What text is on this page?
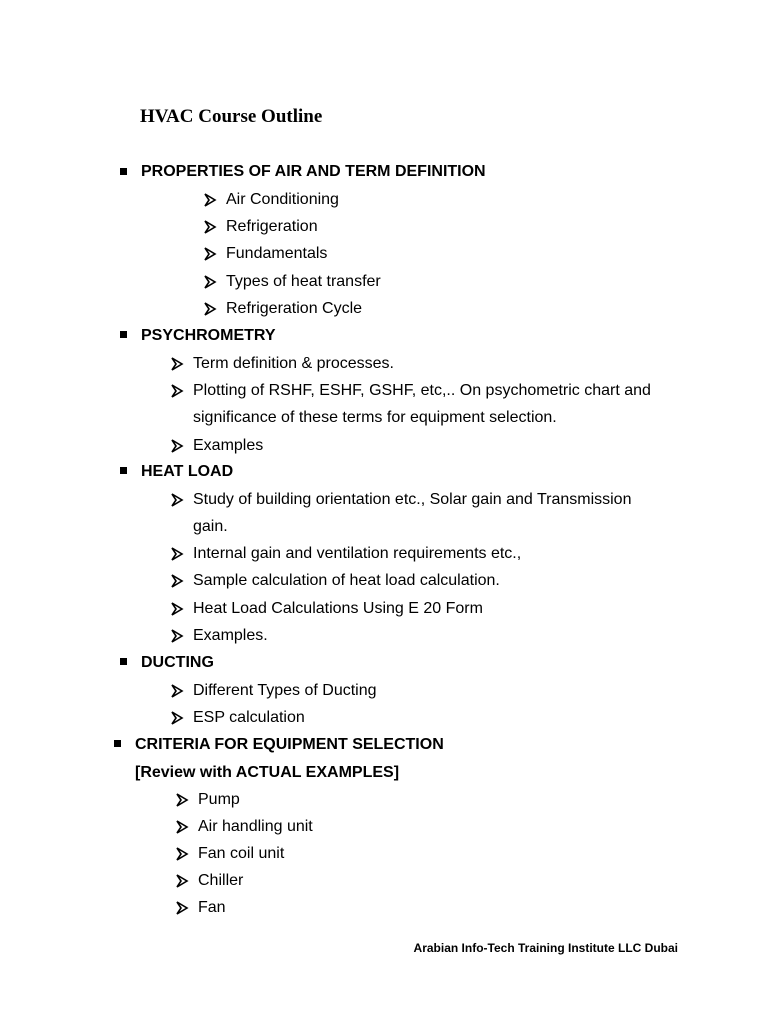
HVAC Course Outline
PROPERTIES OF AIR AND TERM DEFINITION
Air Conditioning
Refrigeration
Fundamentals
Types of heat transfer
Refrigeration Cycle
PSYCHROMETRY
Term definition & processes.
Plotting of RSHF, ESHF, GSHF, etc,.. On psychometric chart and
significance of these terms for equipment selection.
Examples
HEAT LOAD
Study of building orientation etc., Solar gain and Transmission
gain.
Internal gain and ventilation requirements etc.,
Sample calculation of heat load calculation.
Heat Load Calculations Using E 20 Form
Examples.
DUCTING
Different Types of Ducting
ESP calculation
CRITERIA FOR EQUIPMENT SELECTION
[Review with ACTUAL EXAMPLES]
Pump
Air handling unit
Fan coil unit
Chiller
Fan
Arabian Info-Tech Training Institute LLC Dubai
